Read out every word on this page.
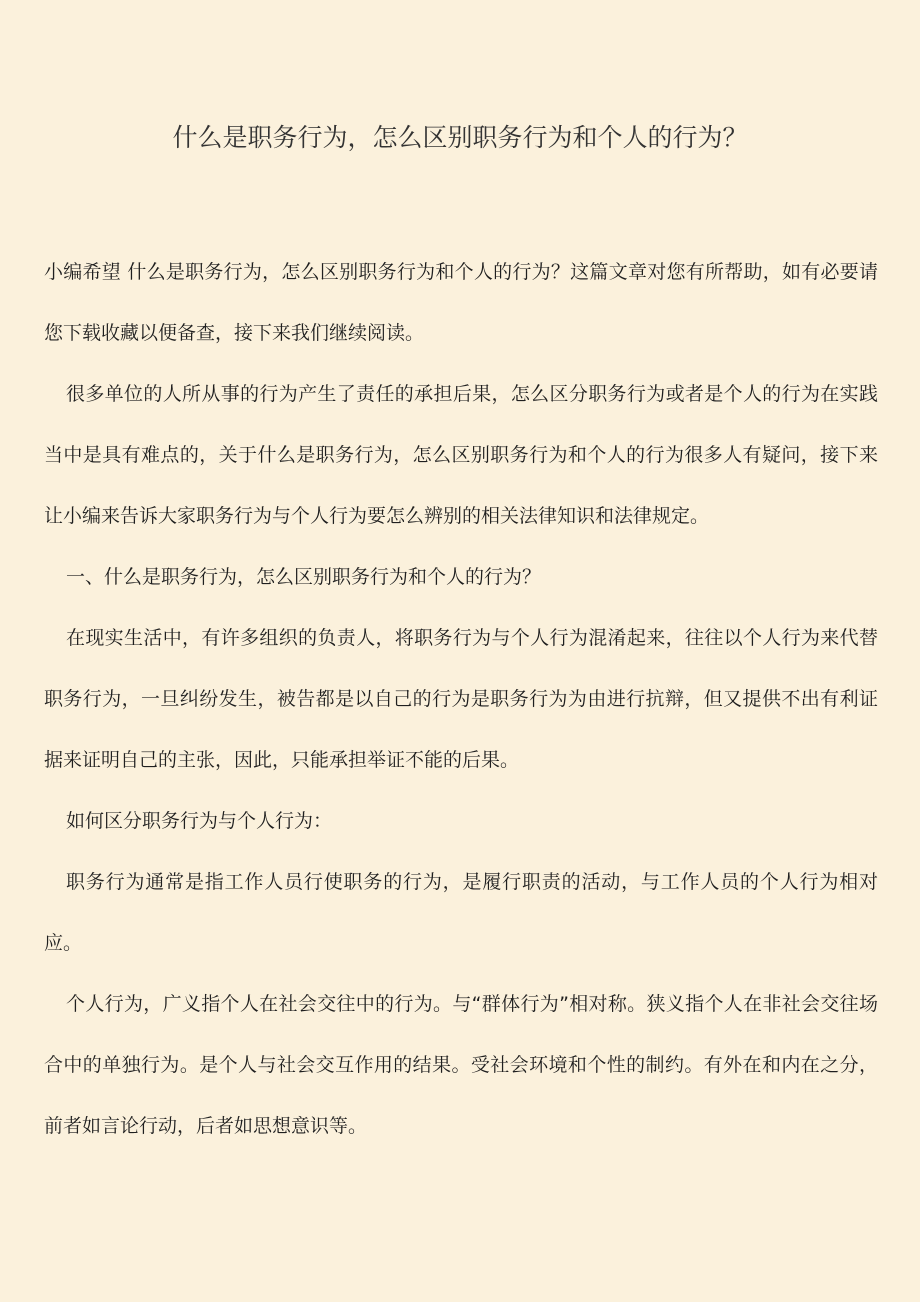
什么是职务行为，怎么区别职务行为和个人的行为？

小编希望 什么是职务行为，怎么区别职务行为和个人的行为？这篇文章对您有所帮助，如有必要请您下载收藏以便备查，接下来我们继续阅读。

很多单位的人所从事的行为产生了责任的承担后果，怎么区分职务行为或者是个人的行为在实践当中是具有难点的，关于什么是职务行为，怎么区别职务行为和个人的行为很多人有疑问，接下来让小编来告诉大家职务行为与个人行为要怎么辨别的相关法律知识和法律规定。

一、什么是职务行为，怎么区别职务行为和个人的行为？

在现实生活中，有许多组织的负责人，将职务行为与个人行为混淆起来，往往以个人行为来代替职务行为，一旦纠纷发生，被告都是以自己的行为是职务行为为由进行抗辩，但又提供不出有利证据来证明自己的主张，因此，只能承担举证不能的后果。

如何区分职务行为与个人行为：

职务行为通常是指工作人员行使职务的行为，是履行职责的活动，与工作人员的个人行为相对应。

个人行为，广义指个人在社会交往中的行为。与“群体行为”相对称。狭义指个人在非社会交往场合中的单独行为。是个人与社会交互作用的结果。受社会环境和个性的制约。有外在和内在之分，前者如言论行动，后者如思想意识等。
